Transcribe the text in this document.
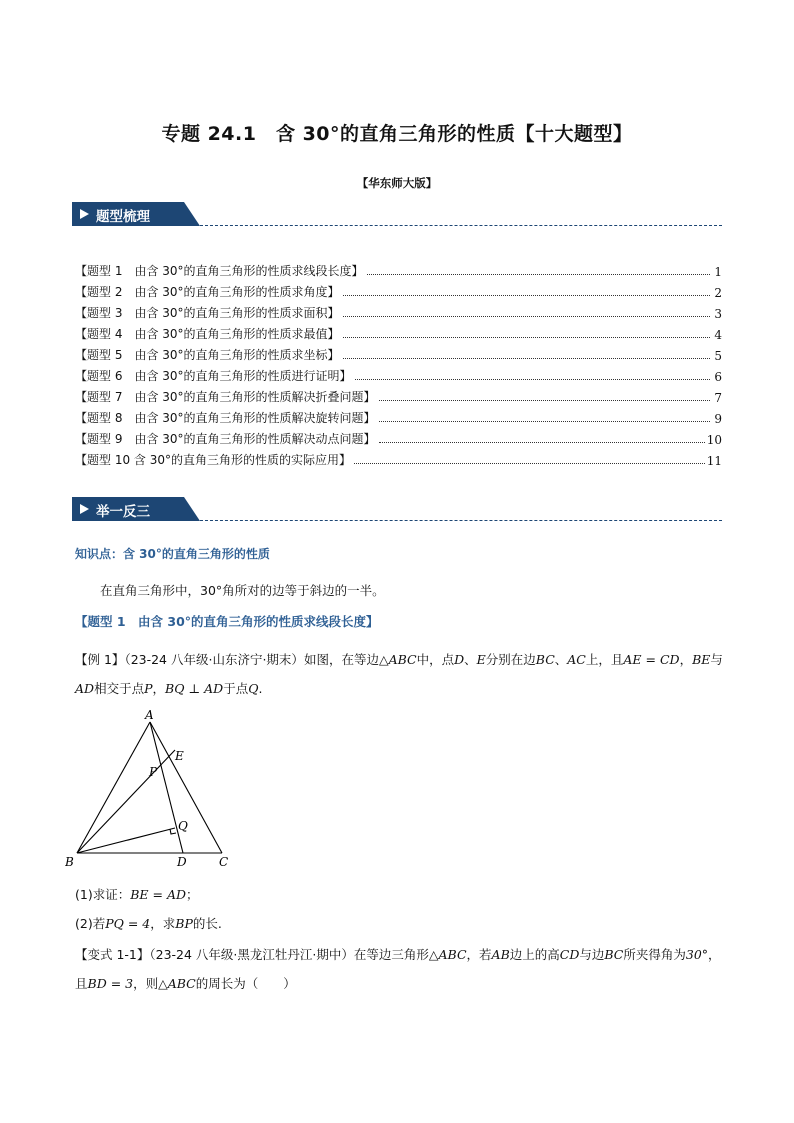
专题 24.1　含 30°的直角三角形的性质【十大题型】
【华东师大版】
题型梳理
【题型 1　由含 30°的直角三角形的性质求线段长度】	1
【题型 2　由含 30°的直角三角形的性质求角度】	2
【题型 3　由含 30°的直角三角形的性质求面积】	3
【题型 4　由含 30°的直角三角形的性质求最值】	4
【题型 5　由含 30°的直角三角形的性质求坐标】	5
【题型 6　由含 30°的直角三角形的性质进行证明】	6
【题型 7　由含 30°的直角三角形的性质解决折叠问题】	7
【题型 8　由含 30°的直角三角形的性质解决旋转问题】	9
【题型 9　由含 30°的直角三角形的性质解决动点问题】	10
【题型 10 含 30°的直角三角形的性质的实际应用】	11
举一反三
知识点：含 30°的直角三角形的性质
在直角三角形中，30°角所对的边等于斜边的一半。
【题型 1　由含 30°的直角三角形的性质求线段长度】
【例 1】（23-24 八年级·山东济宁·期末）如图，在等边△ABC中，点D、E分别在边BC、AC上，且AE = CD，BE与AD相交于点P，BQ ⊥ AD于点Q.
A
B	C
D
E
P
Q
(1)求证：BE = AD；
(2)若PQ = 4，求BP的长.
【变式 1-1】（23-24 八年级·黑龙江牡丹江·期中）在等边三角形△ABC，若AB边上的高CD与边BC所夹得角为30°，且BD = 3，则△ABC的周长为（　　）
